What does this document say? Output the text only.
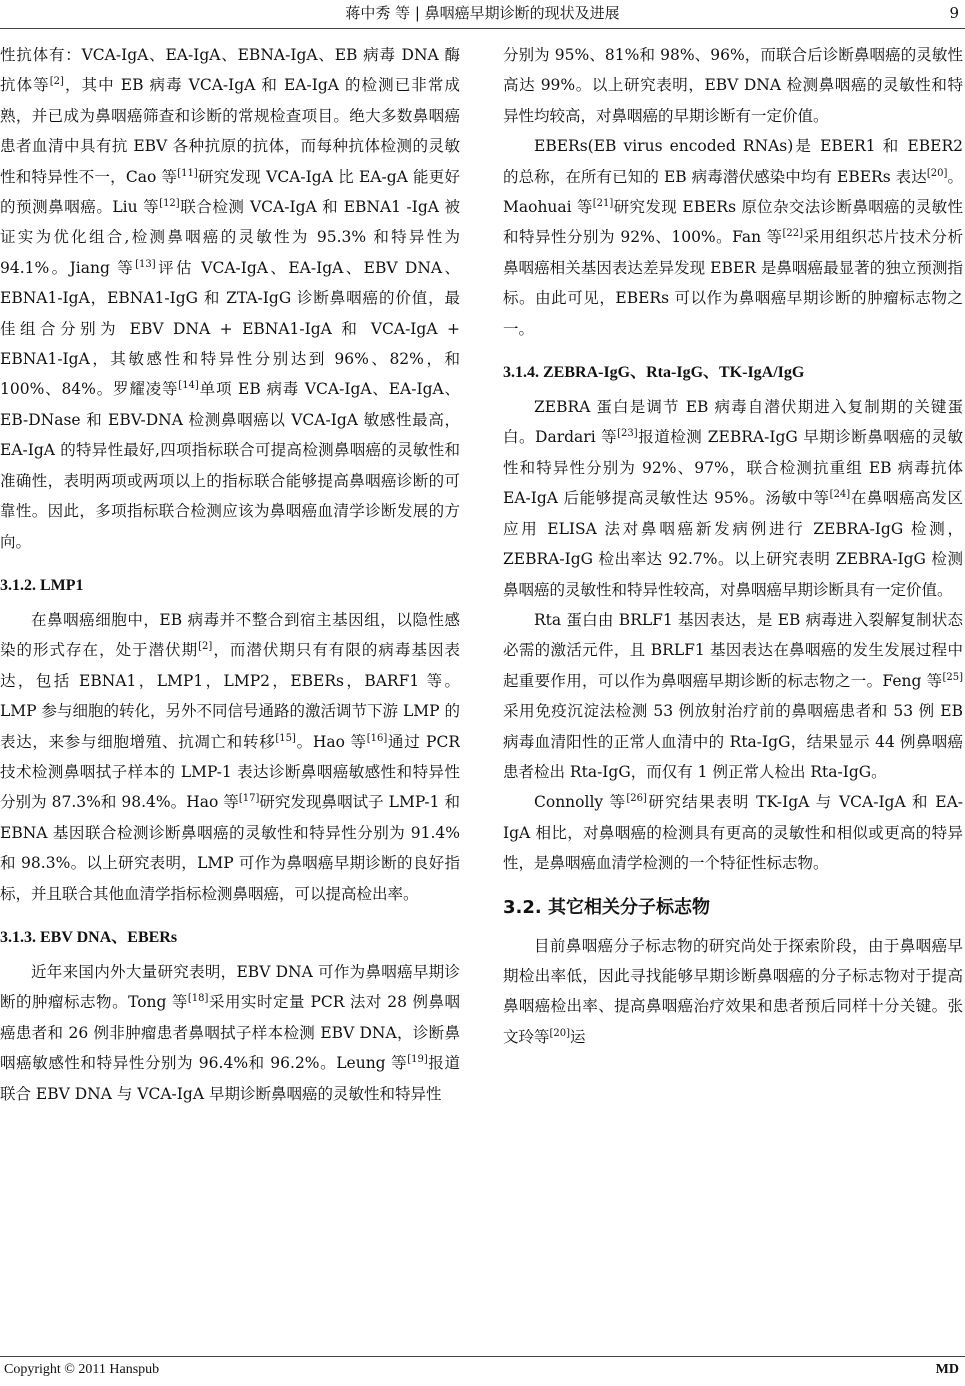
蒋中秀 等 | 鼻咽癌早期诊断的现状及进展	9

性抗体有：VCA-IgA、EA-IgA、EBNA-IgA、EB 病毒 DNA 酶抗体等[2]，其中 EB 病毒 VCA-IgA 和 EA-IgA 的检测已非常成熟，并已成为鼻咽癌筛查和诊断的常规检查项目。绝大多数鼻咽癌患者血清中具有抗 EBV 各种抗原的抗体，而每种抗体检测的灵敏性和特异性不一，Cao 等[11]研究发现 VCA-IgA 比 EA-gA 能更好的预测鼻咽癌。Liu 等[12]联合检测 VCA-IgA 和 EBNA1 -IgA 被证实为优化组合,检测鼻咽癌的灵敏性为 95.3% 和特异性为 94.1%。Jiang 等[13]评估 VCA-IgA、EA-IgA、EBV DNA、EBNA1-IgA，EBNA1-IgG 和 ZTA-IgG 诊断鼻咽癌的价值，最佳组合分别为 EBV DNA + EBNA1-IgA 和 VCA-IgA + EBNA1-IgA，其敏感性和特异性分别达到 96%、82%，和 100%、84%。罗耀凌等[14]单项 EB 病毒 VCA-IgA、EA-IgA、EB-DNase 和 EBV-DNA 检测鼻咽癌以 VCA-IgA 敏感性最高，EA-IgA 的特异性最好,四项指标联合可提高检测鼻咽癌的灵敏性和准确性，表明两项或两项以上的指标联合能够提高鼻咽癌诊断的可靠性。因此，多项指标联合检测应该为鼻咽癌血清学诊断发展的方向。

3.1.2. LMP1

在鼻咽癌细胞中，EB 病毒并不整合到宿主基因组，以隐性感染的形式存在，处于潜伏期[2]，而潜伏期只有有限的病毒基因表达，包括 EBNA1，LMP1，LMP2，EBERs，BARF1 等。LMP 参与细胞的转化，另外不同信号通路的激活调节下游 LMP 的表达，来参与细胞增殖、抗凋亡和转移[15]。Hao 等[16]通过 PCR 技术检测鼻咽拭子样本的 LMP-1 表达诊断鼻咽癌敏感性和特异性分别为 87.3%和 98.4%。Hao 等[17]研究发现鼻咽试子 LMP-1 和 EBNA 基因联合检测诊断鼻咽癌的灵敏性和特异性分别为 91.4%和 98.3%。以上研究表明，LMP 可作为鼻咽癌早期诊断的良好指标，并且联合其他血清学指标检测鼻咽癌，可以提高检出率。

3.1.3. EBV DNA、EBERs

近年来国内外大量研究表明，EBV DNA 可作为鼻咽癌早期诊断的肿瘤标志物。Tong 等[18]采用实时定量 PCR 法对 28 例鼻咽癌患者和 26 例非肿瘤患者鼻咽拭子样本检测 EBV DNA，诊断鼻咽癌敏感性和特异性分别为 96.4%和 96.2%。Leung 等[19]报道联合 EBV DNA 与 VCA-IgA 早期诊断鼻咽癌的灵敏性和特异性

分别为 95%、81%和 98%、96%，而联合后诊断鼻咽癌的灵敏性高达 99%。以上研究表明，EBV DNA 检测鼻咽癌的灵敏性和特异性均较高，对鼻咽癌的早期诊断有一定价值。

EBERs(EB virus encoded RNAs)是 EBER1 和 EBER2 的总称，在所有已知的 EB 病毒潜伏感染中均有 EBERs 表达[20]。Maohuai 等[21]研究发现 EBERs 原位杂交法诊断鼻咽癌的灵敏性和特异性分别为 92%、100%。Fan 等[22]采用组织芯片技术分析鼻咽癌相关基因表达差异发现 EBER 是鼻咽癌最显著的独立预测指标。由此可见，EBERs 可以作为鼻咽癌早期诊断的肿瘤标志物之一。

3.1.4. ZEBRA-IgG、Rta-IgG、TK-IgA/IgG

ZEBRA 蛋白是调节 EB 病毒自潜伏期进入复制期的关键蛋白。Dardari 等[23]报道检测 ZEBRA-IgG 早期诊断鼻咽癌的灵敏性和特异性分别为 92%、97%，联合检测抗重组 EB 病毒抗体 EA-IgA 后能够提高灵敏性达 95%。汤敏中等[24]在鼻咽癌高发区应用 ELISA 法对鼻咽癌新发病例进行 ZEBRA-IgG 检测，ZEBRA-IgG 检出率达 92.7%。以上研究表明 ZEBRA-IgG 检测鼻咽癌的灵敏性和特异性较高，对鼻咽癌早期诊断具有一定价值。

Rta 蛋白由 BRLF1 基因表达，是 EB 病毒进入裂解复制状态必需的激活元件，且 BRLF1 基因表达在鼻咽癌的发生发展过程中起重要作用，可以作为鼻咽癌早期诊断的标志物之一。Feng 等[25]采用免疫沉淀法检测 53 例放射治疗前的鼻咽癌患者和 53 例 EB 病毒血清阳性的正常人血清中的 Rta-IgG，结果显示 44 例鼻咽癌患者检出 Rta-IgG，而仅有 1 例正常人检出 Rta-IgG。

Connolly 等[26]研究结果表明 TK-IgA 与 VCA-IgA 和 EA-IgA 相比，对鼻咽癌的检测具有更高的灵敏性和相似或更高的特异性，是鼻咽癌血清学检测的一个特征性标志物。

3.2. 其它相关分子标志物

目前鼻咽癌分子标志物的研究尚处于探索阶段，由于鼻咽癌早期检出率低，因此寻找能够早期诊断鼻咽癌的分子标志物对于提高鼻咽癌检出率、提高鼻咽癌治疗效果和患者预后同样十分关键。张文玲等[20]运

Copyright © 2011 Hanspub	MD
